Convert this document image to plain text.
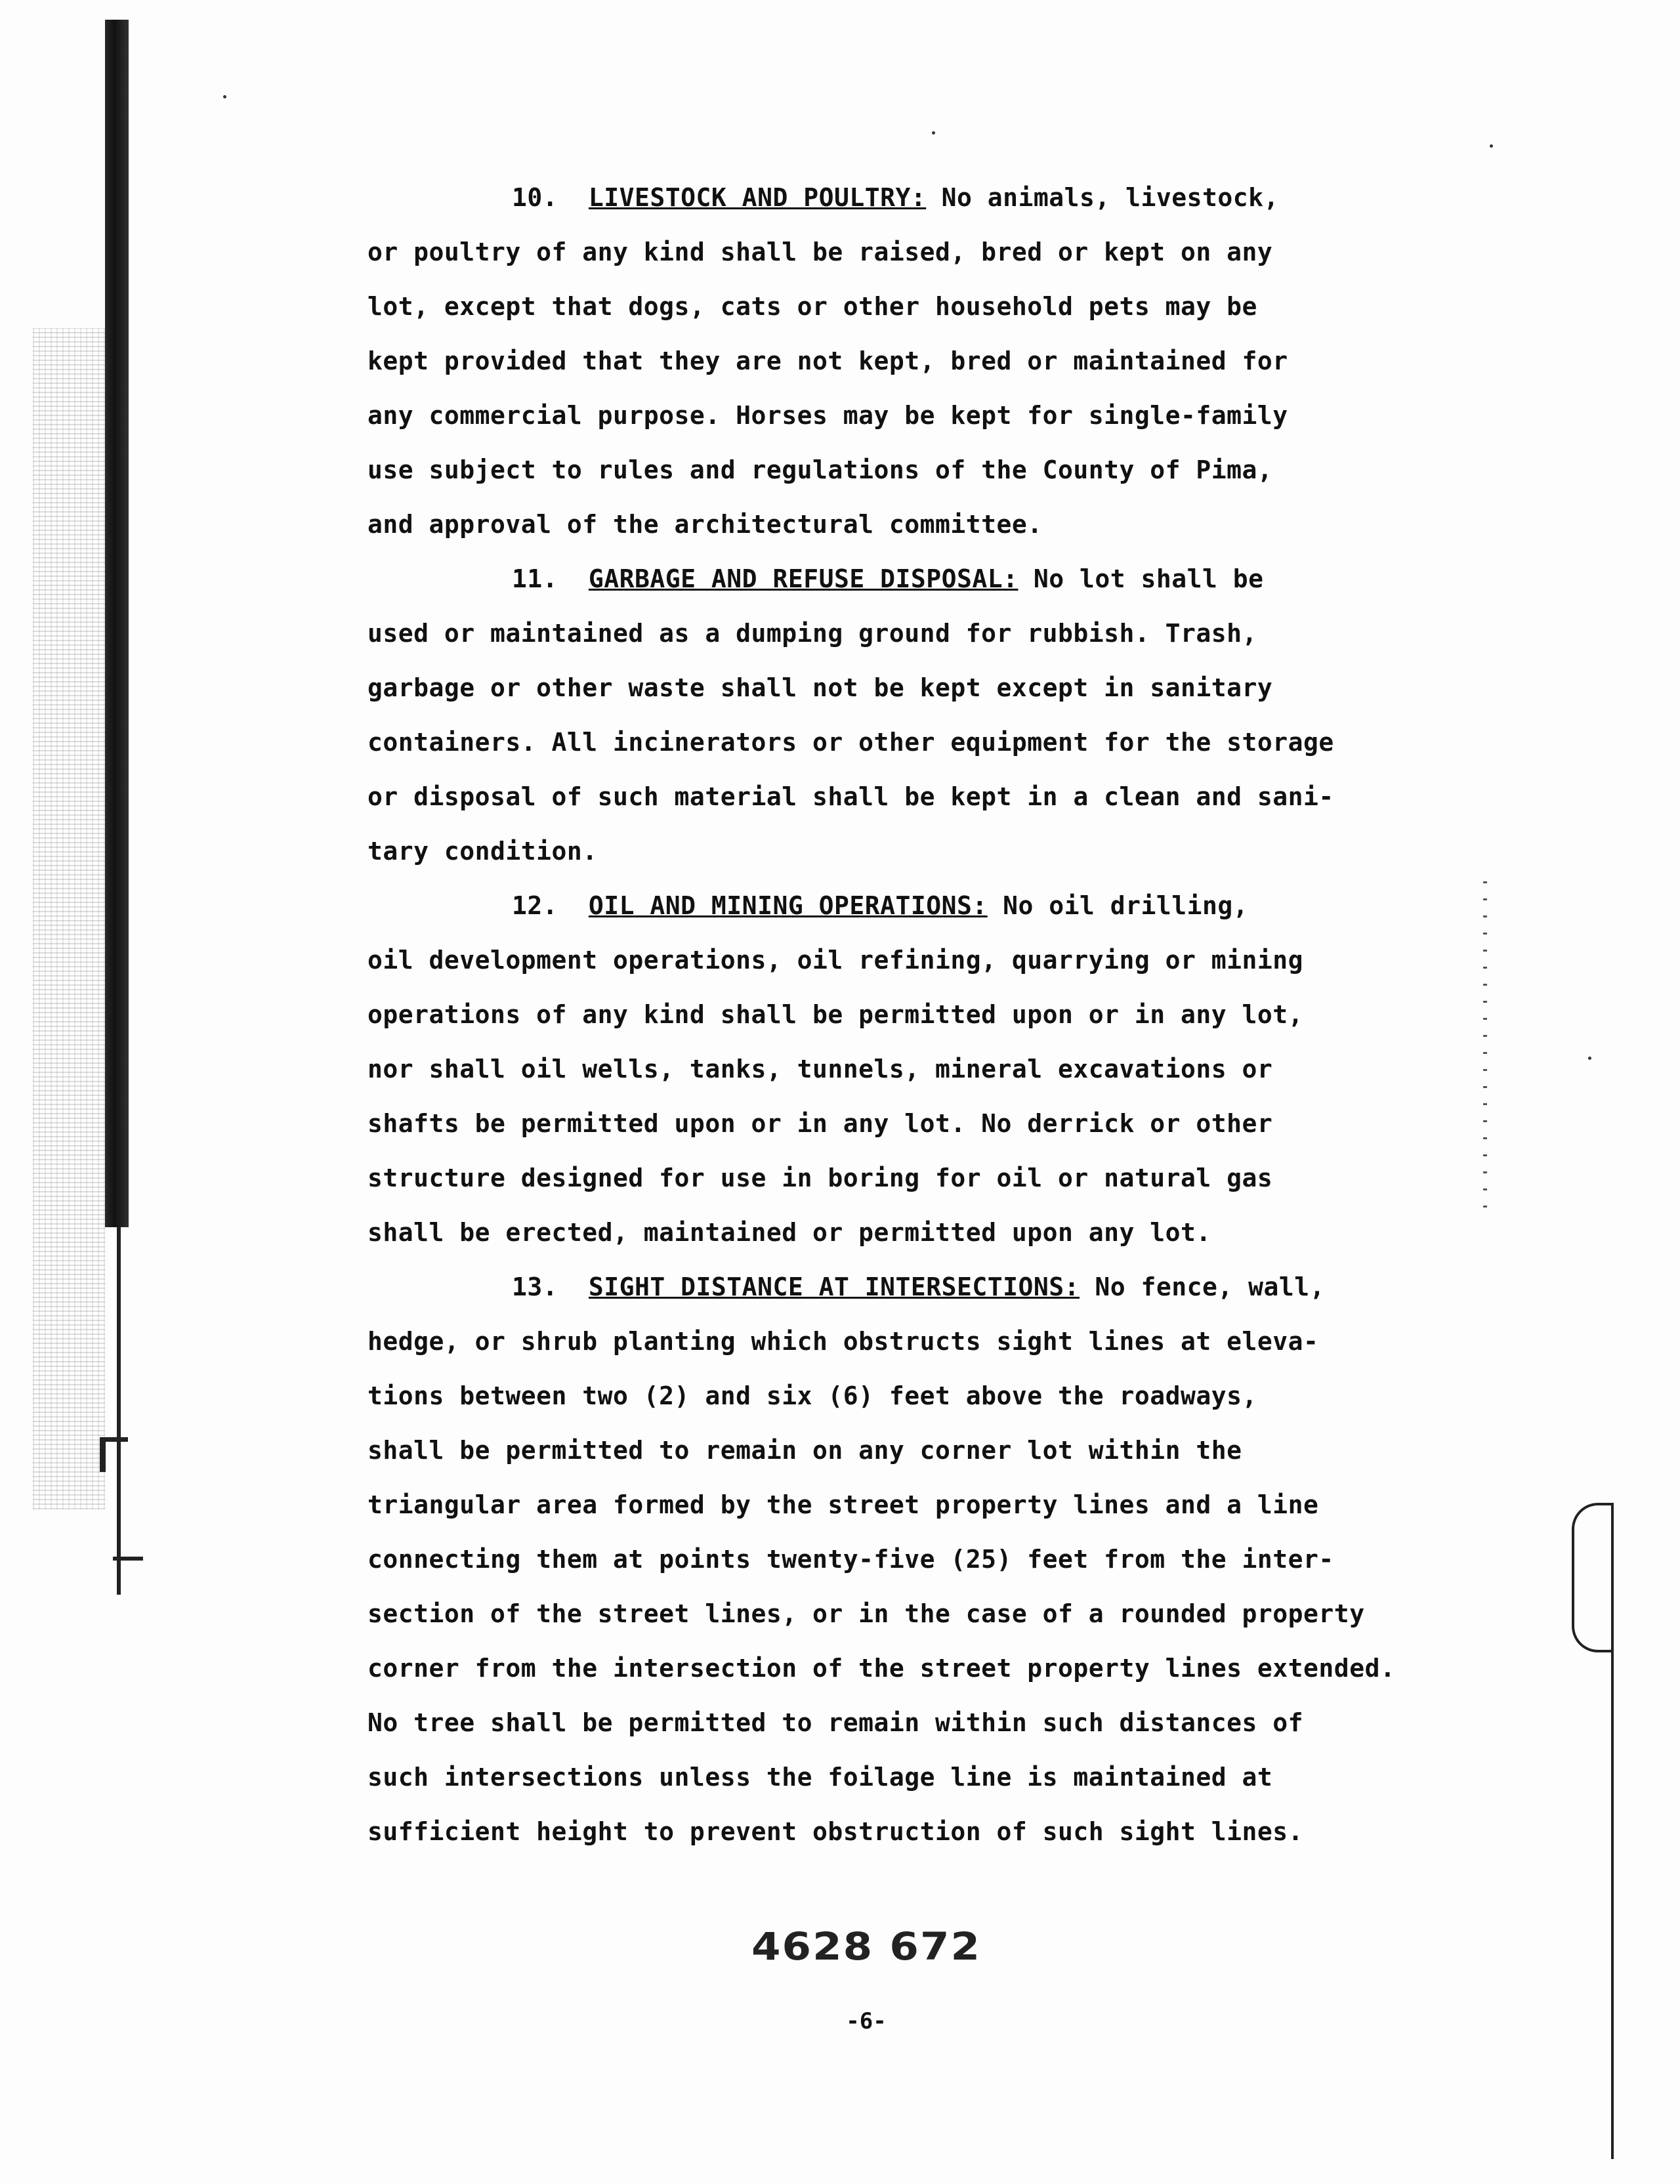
10. LIVESTOCK AND POULTRY: No animals, livestock,
or poultry of any kind shall be raised, bred or kept on any
lot, except that dogs, cats or other household pets may be
kept provided that they are not kept, bred or maintained for
any commercial purpose. Horses may be kept for single-family
use subject to rules and regulations of the County of Pima,
and approval of the architectural committee.
11. GARBAGE AND REFUSE DISPOSAL: No lot shall be
used or maintained as a dumping ground for rubbish. Trash,
garbage or other waste shall not be kept except in sanitary
containers. All incinerators or other equipment for the storage
or disposal of such material shall be kept in a clean and sani-
tary condition.
12. OIL AND MINING OPERATIONS: No oil drilling,
oil development operations, oil refining, quarrying or mining
operations of any kind shall be permitted upon or in any lot,
nor shall oil wells, tanks, tunnels, mineral excavations or
shafts be permitted upon or in any lot. No derrick or other
structure designed for use in boring for oil or natural gas
shall be erected, maintained or permitted upon any lot.
13. SIGHT DISTANCE AT INTERSECTIONS: No fence, wall,
hedge, or shrub planting which obstructs sight lines at eleva-
tions between two (2) and six (6) feet above the roadways,
shall be permitted to remain on any corner lot within the
triangular area formed by the street property lines and a line
connecting them at points twenty-five (25) feet from the inter-
section of the street lines, or in the case of a rounded property
corner from the intersection of the street property lines extended.
No tree shall be permitted to remain within such distances of
such intersections unless the foilage line is maintained at
sufficient height to prevent obstruction of such sight lines.
4628 672
-6-
